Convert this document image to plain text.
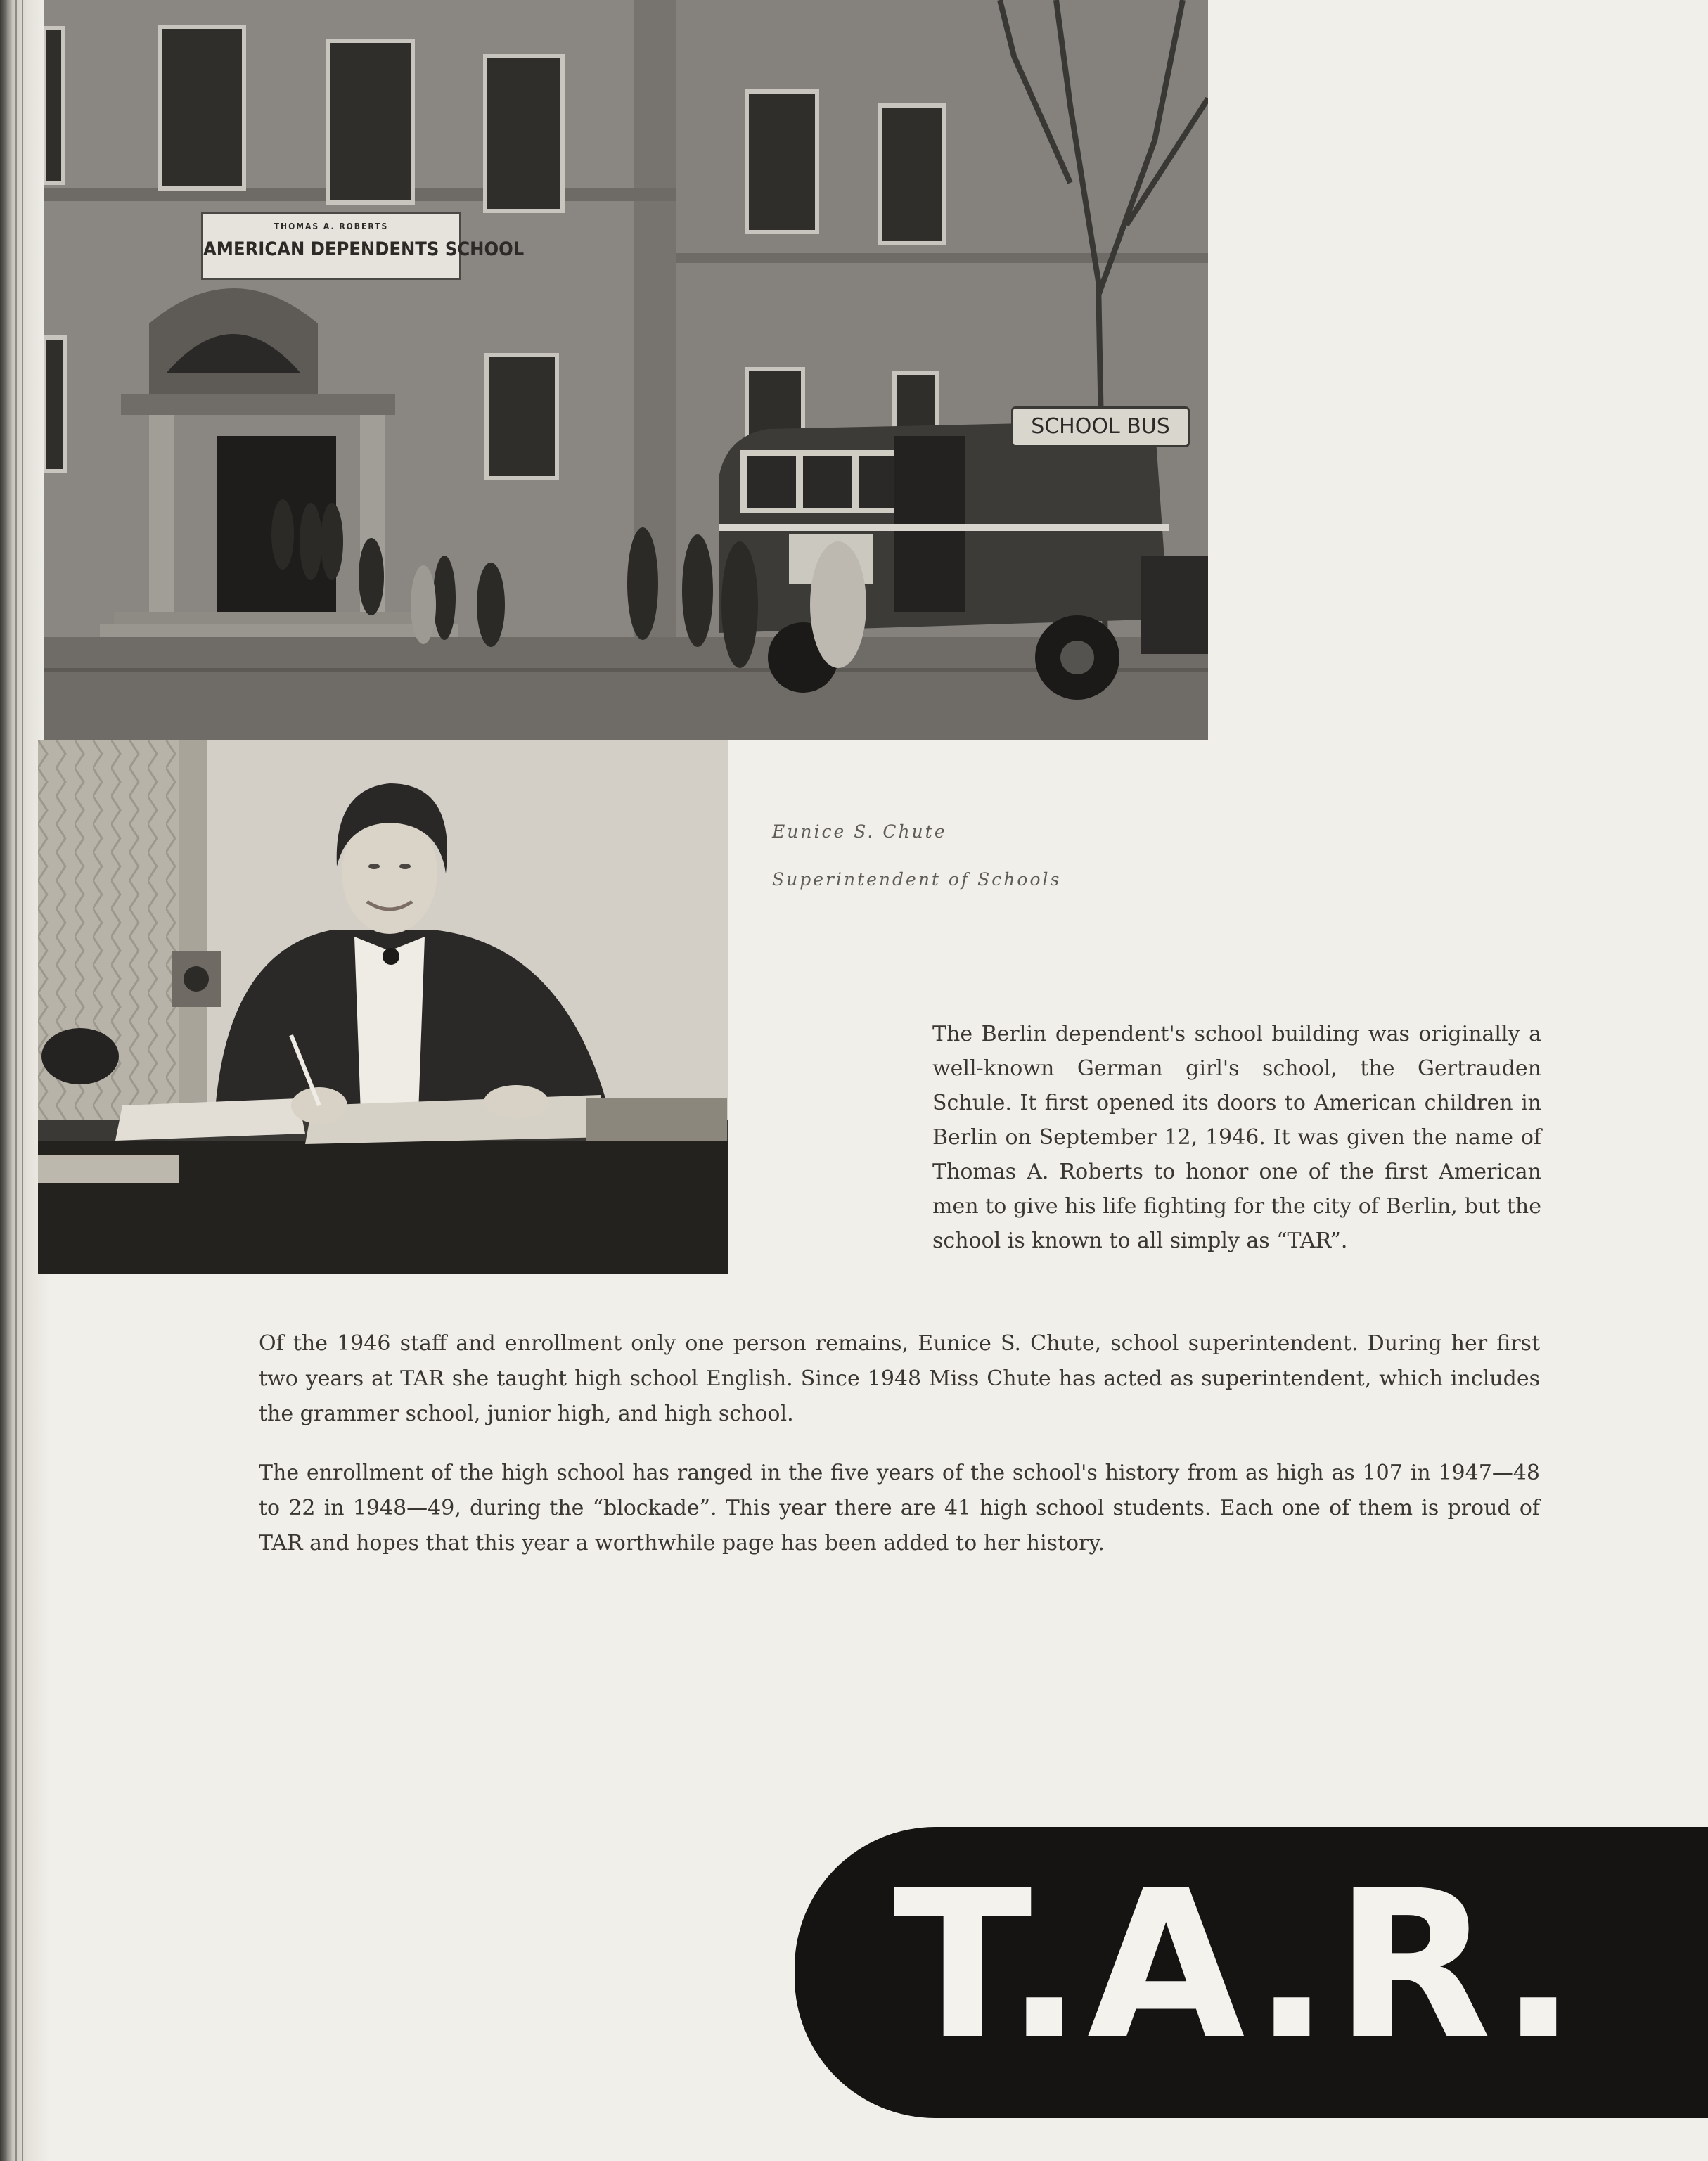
THOMAS A. ROBERTS
AMERICAN DEPENDENTS SCHOOL
SCHOOL BUS
Eunice S. Chute
Superintendent of Schools

The Berlin dependent's school building was originally a well-known German girl's school, the Gertrauden Schule. It first opened its doors to American children in Berlin on September 12, 1946. It was given the name of Thomas A. Roberts to honor one of the first American men to give his life fighting for the city of Berlin, but the school is known to all simply as “TAR”.

Of the 1946 staff and enrollment only one person remains, Eunice S. Chute, school superintendent. During her first two years at TAR she taught high school English. Since 1948 Miss Chute has acted as superintendent, which includes the grammer school, junior high, and high school.

The enrollment of the high school has ranged in the five years of the school's history from as high as 107 in 1947—48 to 22 in 1948—49, during the “blockade”. This year there are 41 high school students. Each one of them is proud of TAR and hopes that this year a worthwhile page has been added to her history.

T.A.R.
